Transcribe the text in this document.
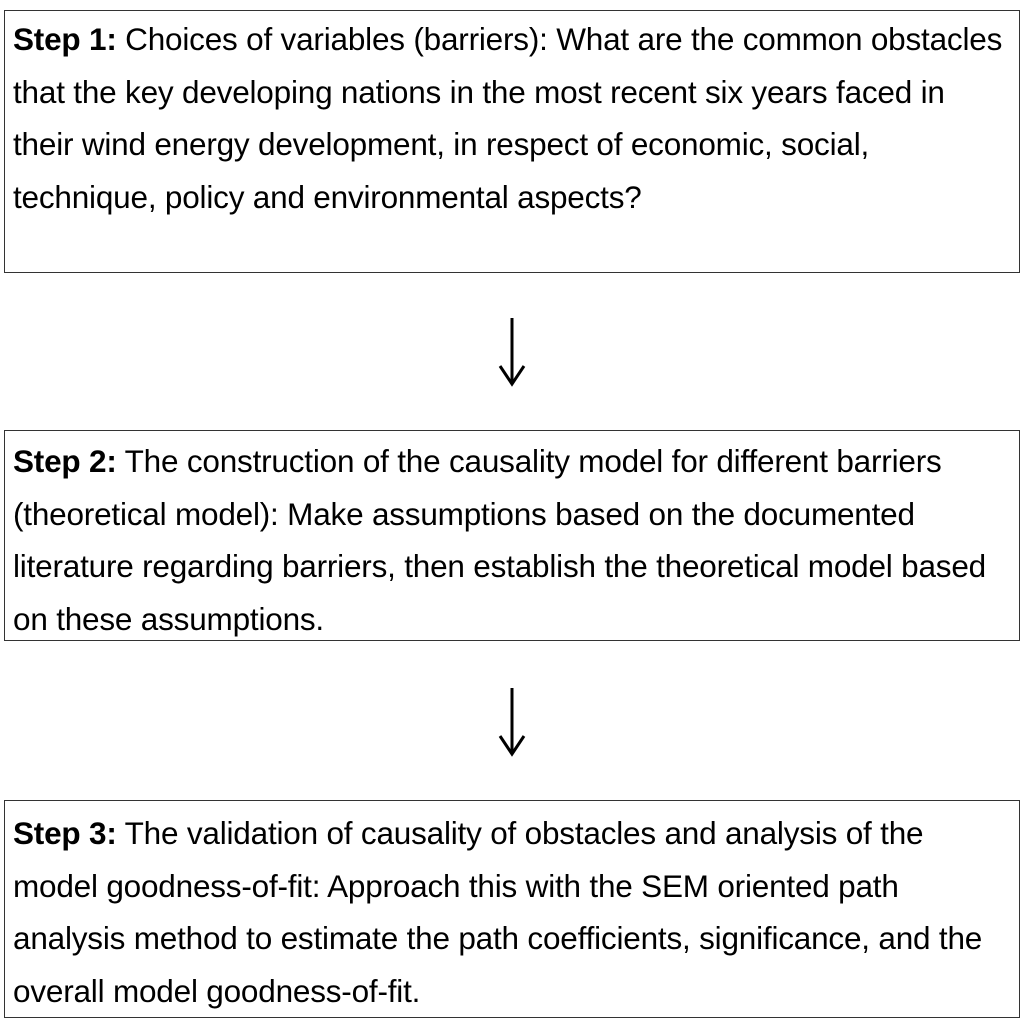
Step 1: Choices of variables (barriers): What are the common obstacles that the key developing nations in the most recent six years faced in their wind energy development, in respect of economic, social, technique, policy and environmental aspects?
Step 2: The construction of the causality model for different barriers (theoretical model): Make assumptions based on the documented literature regarding barriers, then establish the theoretical model based on these assumptions.
Step 3: The validation of causality of obstacles and analysis of the model goodness-of-fit: Approach this with the SEM oriented path analysis method to estimate the path coefficients, significance, and the overall model goodness-of-fit.
